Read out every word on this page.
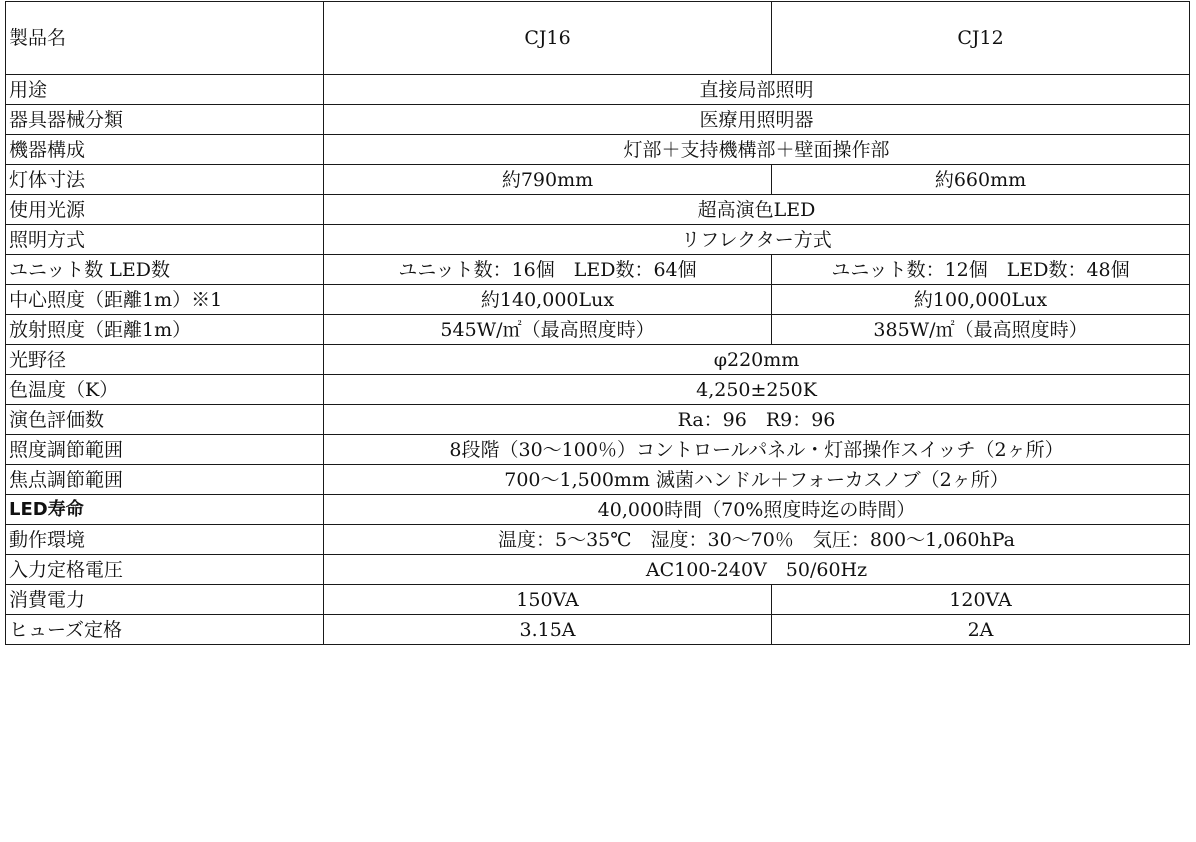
製品名	CJ16	CJ12
用途	直接局部照明	
器具器械分類	医療用照明器	
機器構成	灯部＋支持機構部＋壁面操作部	
灯体寸法	約790mm	約660mm
使用光源	超高演色LED	
照明方式	リフレクター方式	
ユニット数 LED数	ユニット数：16個　LED数：64個	ユニット数：12個　LED数：48個
中心照度（距離1m）※1	約140,000Lux	約100,000Lux
放射照度（距離1m）	545W/㎡（最高照度時）	385W/㎡（最高照度時）
光野径	φ220mm	
色温度（K）	4,250±250K	
演色評価数	Ra：96　R9：96	
照度調節範囲	8段階（30～100％）コントロールパネル・灯部操作スイッチ（2ヶ所）	
焦点調節範囲	700～1,500mm 滅菌ハンドル＋フォーカスノブ（2ヶ所）	
LED寿命	40,000時間（70%照度時迄の時間）	
動作環境	温度：5～35℃　湿度：30～70％　気圧：800～1,060hPa	
入力定格電圧	AC100-240V　50/60Hz	
消費電力	150VA	120VA
ヒューズ定格	3.15A	2A
